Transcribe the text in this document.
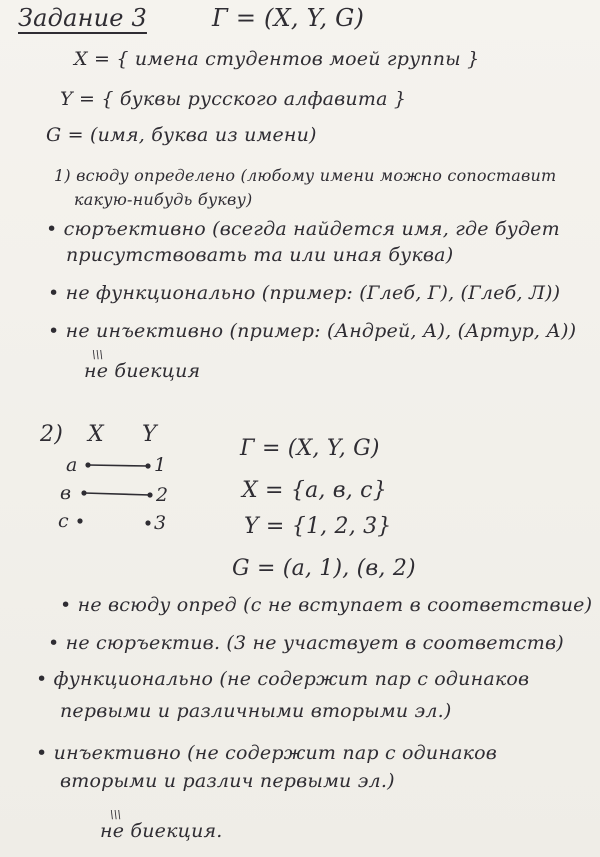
Задание 3	Г = (X, Y, G)
X = { имена студентов моей группы }
Y = { буквы русского алфавита }
G = (имя, буква из имени)
1) всюду определено (любому имени можно сопоставит
какую-нибудь букву)
• сюръективно (всегда найдется имя, где будет
присутствовать та или иная буква)
• не функционально (пример: (Глеб, Г), (Глеб, Л))
• не инъективно (пример: (Андрей, А), (Артур, А))
\\\
не биекция
2) X Y
a
в
c
1
2
3
Г = (X, Y, G)
X = {a, в, c}
Y = {1, 2, 3}
G = (a, 1), (в, 2)
• не всюду опред (c не вступает в соответствие)
• не сюръектив. (3 не участвует в соответств)
• функционально (не содержит пар с одинаков
первыми и различными вторыми эл.)
• инъективно (не содержит пар с одинаков
вторыми и различ первыми эл.)
\\\
не биекция.
